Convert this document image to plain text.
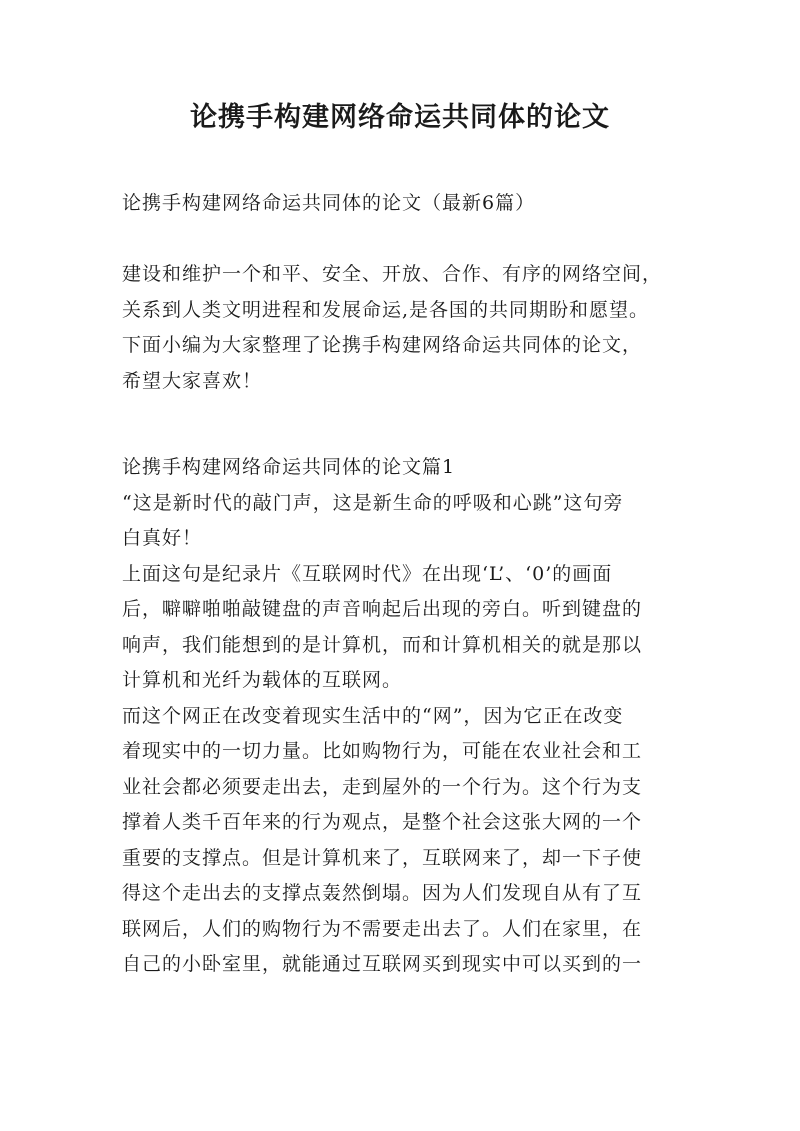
论携手构建网络命运共同体的论文

论携手构建网络命运共同体的论文（最新6篇）

建设和维护一个和平、安全、开放、合作、有序的网络空间，
关系到人类文明进程和发展命运,是各国的共同期盼和愿望。
下面小编为大家整理了论携手构建网络命运共同体的论文，
希望大家喜欢！
论携手构建网络命运共同体的论文篇1
“这是新时代的敲门声，这是新生命的呼吸和心跳”这句旁
白真好！
上面这句是纪录片《互联网时代》在出现‘L’、‘0’的画面
后，噼噼啪啪敲键盘的声音响起后出现的旁白。听到键盘的
响声，我们能想到的是计算机，而和计算机相关的就是那以
计算机和光纤为载体的互联网。
而这个网正在改变着现实生活中的“网”，因为它正在改变
着现实中的一切力量。比如购物行为，可能在农业社会和工
业社会都必须要走出去，走到屋外的一个行为。这个行为支
撑着人类千百年来的行为观点，是整个社会这张大网的一个
重要的支撑点。但是计算机来了，互联网来了，却一下子使
得这个走出去的支撑点轰然倒塌。因为人们发现自从有了互
联网后，人们的购物行为不需要走出去了。人们在家里，在
自己的小卧室里，就能通过互联网买到现实中可以买到的一
